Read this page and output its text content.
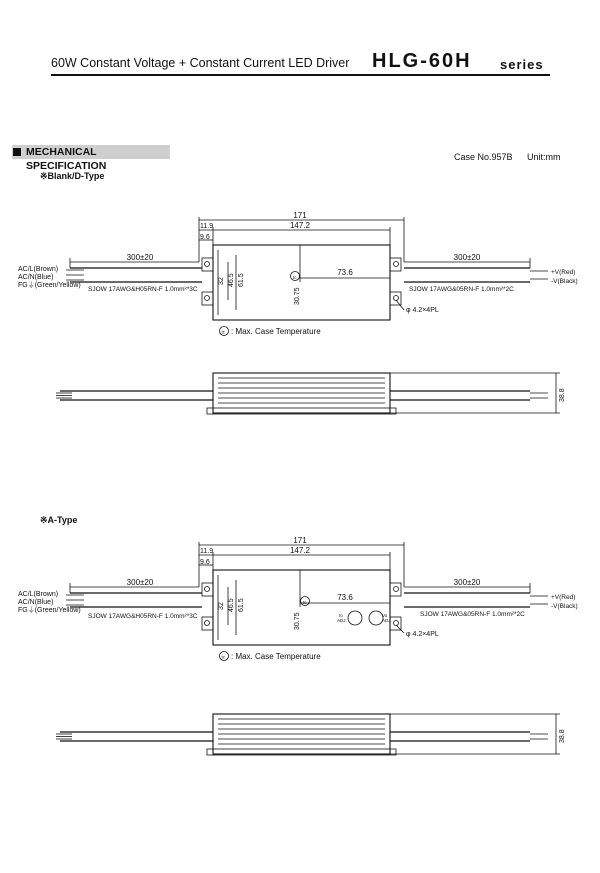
60W Constant Voltage + Constant Current LED Driver HLG-60H series
MECHANICAL SPECIFICATION
Case No.957B Unit:mm
※Blank/D-Type
※A-Type
tc
171
147.2
11.9
9.6
300±20	300±20
73.6
32 46.5 61.5
30.75
AC/L(Brown)
AC/N(Blue)
FG⏚(Green/Yellow)
SJOW 17AWG&H05RN-F 1.0mm²*3C	SJOW 17AWG&05RN-F 1.0mm²*2C
+V(Red)
-V(Black)
φ 4.2×4PL
tc : Max. Case Temperature
38.8
tc
171
147.2
11.9
9.6
300±20	300±20
73.6
32 46.5 61.5
30.75	Io
ADJ.
Vo
ADJ.
AC/L(Brown)
AC/N(Blue)
FG⏚(Green/Yellow)
SJOW 17AWG&H05RN-F 1.0mm²*3C	SJOW 17AWG&05RN-F 1.0mm²*2C
+V(Red)
-V(Black)
φ 4.2×4PL
tc : Max. Case Temperature
38.8
